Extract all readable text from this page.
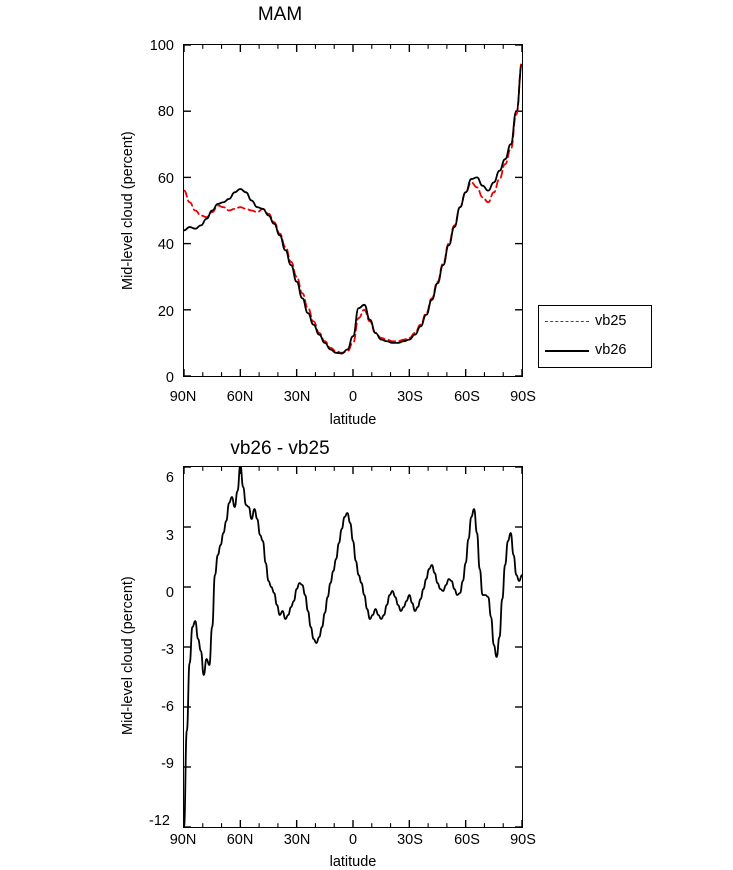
MAM
100
80
60
40
20
0
90N	60N	30N	0	30S	60S	90S
latitude
Mid-level cloud (percent)
vb25
vb26
vb26 - vb25
6
3
0
-3
-6
-9
-12
90N	60N	30N	0	30S	60S	90S
latitude
Mid-level cloud (percent)
